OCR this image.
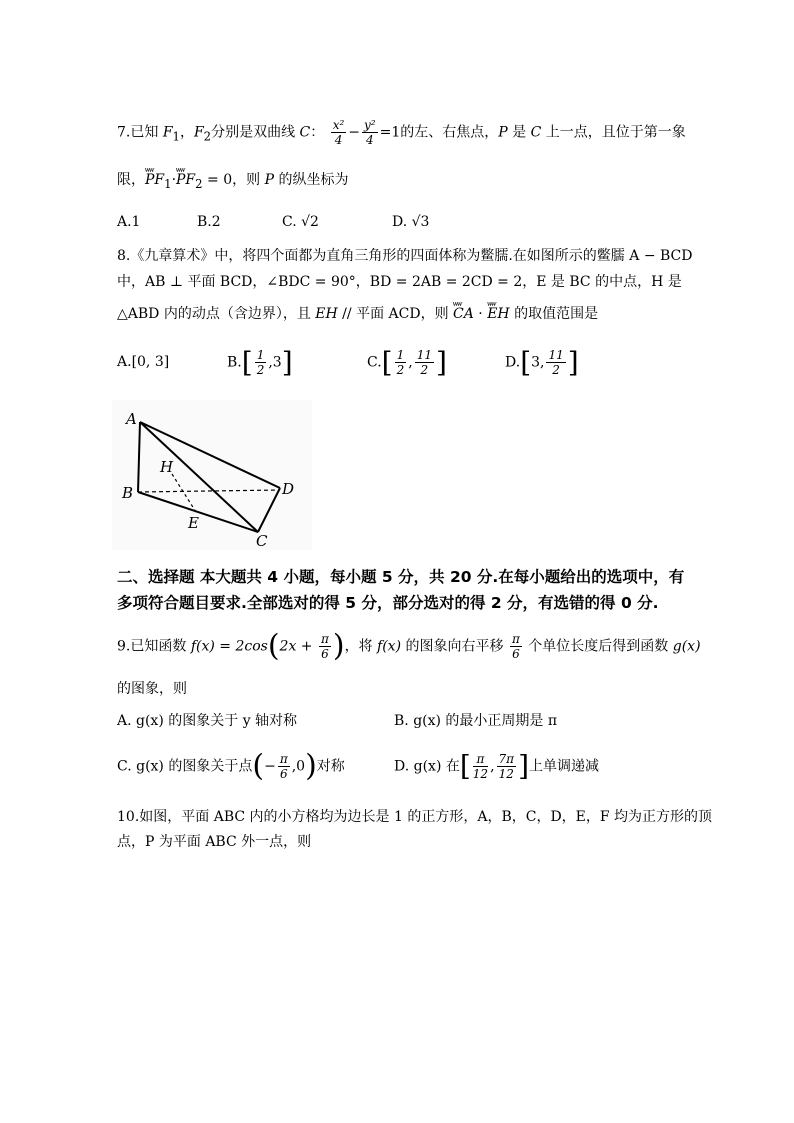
7.已知 $F_1$，$F_2$分别是双曲线 C： $\frac{\text{x²}}{4} - \frac{\text{y²}}{4} =1$的左、右焦点，P 是 C 上一点，且位于第一象
限，ѡѡ $PF_1\cdot ѡѡ$ $PF_2 = 0$，则 P 的纵坐标为
A.1	B.2	C. √2	D. √3
8.《九章算术》中，将四个面都为直角三角形的四面体称为鳖臑.在如图所示的鳖臑 A − BCD
中，AB ⊥ 平面 BCD，∠BDC = 90°，BD = 2AB = 2CD = 2，E 是 BC 的中点，H 是
△ABD 内的动点（含边界），且 EH // 平面 ACD，则 ѡѡ CA · ѡѡ EH 的取值范围是
A.[0, 3]	$B.[ \frac{1}{2} ,3]$	$C.[ \frac{1}{2}$ , $\frac{11}{2}$ ]	D.[3, $\frac{11}{2}$ ]
A
H
B
E
D
C
二、选择题 本大题共 4 小题，每小题 5 分，共 20 分.在每小题给出的选项中，有
多项符合题目要求.全部选对的得 5 分，部分选对的得 2 分，有选错的得 0 分.
9.已知函数 $f(x) = 2\cos(2x + \frac{\pi}{6}$ )，将 f(x) 的图象向右平移 $\frac{\pi}{6}$ 个单位长度后得到函数 g(x)
的图象，则
A. g(x) 的图象关于 y 轴对称	B. g(x) 的最小正周期是 π
C. g(x) 的图象关于点(− $\frac{\pi}{6} ,0$)对称	D. g(x) 在[ $\frac{\pi}{12}$ , $\frac{7\pi}{12}$ ]上单调递减
10.如图，平面 ABC 内的小方格均为边长是 1 的正方形，A，B，C，D，E，F 均为正方形的顶
点，P 为平面 ABC 外一点，则
